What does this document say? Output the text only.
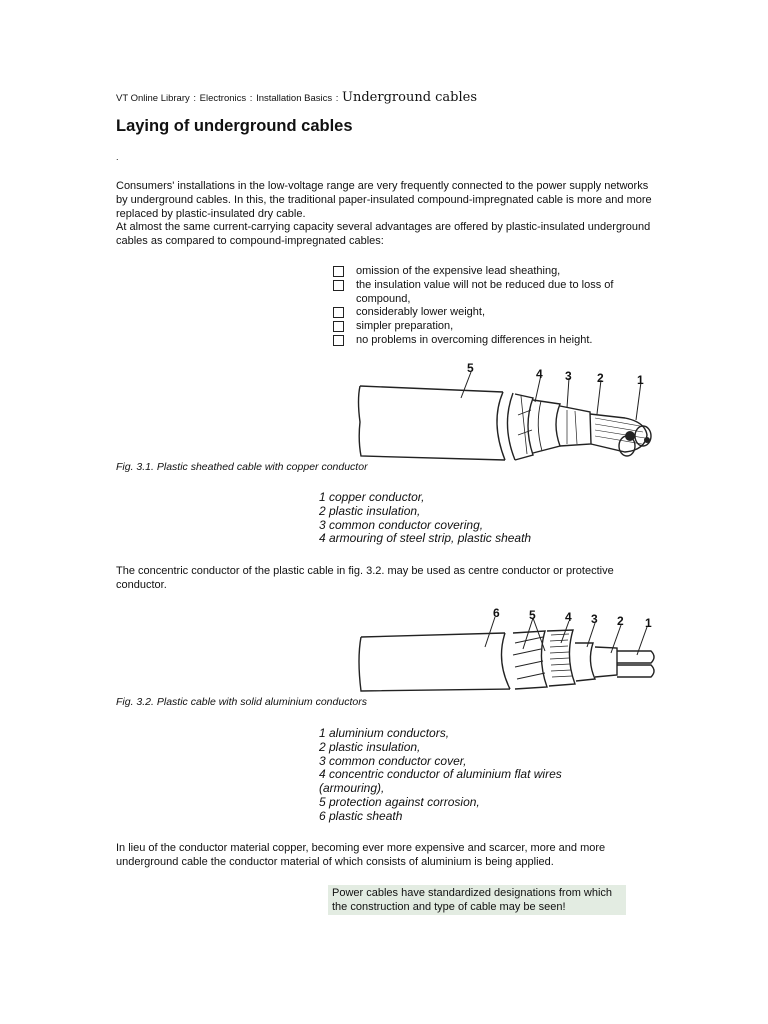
VT Online Library : Electronics : Installation Basics : Underground cables
Laying of underground cables
.

Consumers' installations in the low-voltage range are very frequently connected to the power supply networks by underground cables. In this, the traditional paper-insulated compound-impregnated cable is more and more replaced by plastic-insulated dry cable.
At almost the same current-carrying capacity several advantages are offered by plastic-insulated underground cables as compared to compound-impregnated cables:

omission of the expensive lead sheathing,
the insulation value will not be reduced due to loss of compound,
considerably lower weight,
simpler preparation,
no problems in overcoming differences in height.
5	4 3 2	1
Fig. 3.1. Plastic sheathed cable with copper conductor
1 copper conductor,
2 plastic insulation,
3 common conductor covering,
4 armouring of steel strip, plastic sheath

The concentric conductor of the plastic cable in fig. 3.2. may be used as centre conductor or protective conductor.

6 5 4 3 2 1
Fig. 3.2. Plastic cable with solid aluminium conductors
1 aluminium conductors,
2 plastic insulation,
3 common conductor cover,
4 concentric conductor of aluminium flat wires (armouring),
5 protection against corrosion,
6 plastic sheath

In lieu of the conductor material copper, becoming ever more expensive and scarcer, more and more underground cable the conductor material of which consists of aluminium is being applied.

Power cables have standardized designations from which the construction and type of cable may be seen!
